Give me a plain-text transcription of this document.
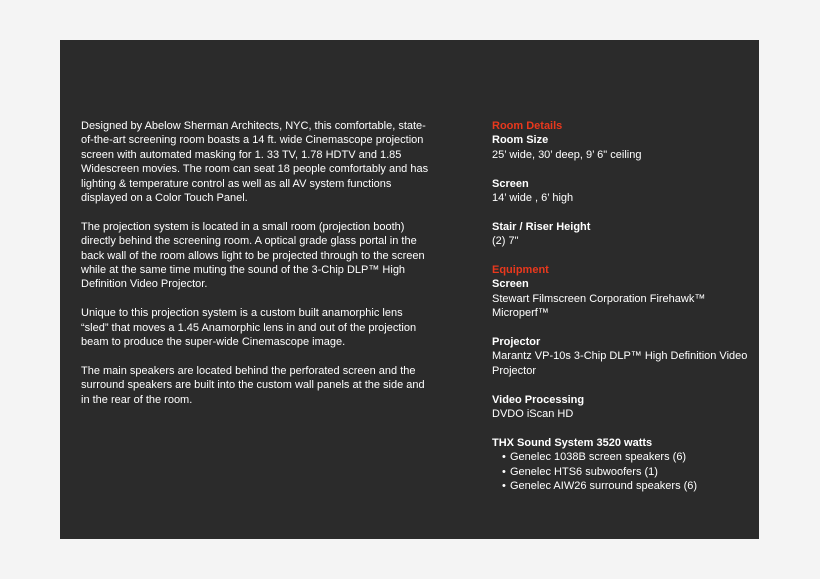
Designed by Abelow Sherman Architects, NYC, this comfortable, state-of-the-art screening room boasts a 14 ft. wide Cinemascope projection screen with automated masking for 1. 33 TV, 1.78 HDTV and 1.85 Widescreen movies. The room can seat 18 people comfortably and has lighting & temperature control as well as all AV system functions displayed on a Color Touch Panel.

The projection system is located in a small room (projection booth) directly behind the screening room. A optical grade glass portal in the back wall of the room allows light to be projected through to the screen while at the same time muting the sound of the 3-Chip DLP™ High Definition Video Projector.

Unique to this projection system is a custom built anamorphic lens “sled” that moves a 1.45 Anamorphic lens in and out of the projection beam to produce the super-wide Cinemascope image.

The main speakers are located behind the perforated screen and the surround speakers are built into the custom wall panels at the side and in the rear of the room.

Room Details
Room Size
25’ wide, 30’ deep, 9’ 6" ceiling
Screen
14’ wide , 6’ high
Stair / Riser Height
(2) 7"
Equipment
Screen
Stewart Filmscreen Corporation Firehawk™ Microperf™
Projector
Marantz VP-10s 3-Chip DLP™ High Definition Video Projector
Video Processing
DVDO iScan HD
THX Sound System 3520 watts
• Genelec 1038B screen speakers (6)
• Genelec HTS6 subwoofers (1)
• Genelec AIW26 surround speakers (6)
